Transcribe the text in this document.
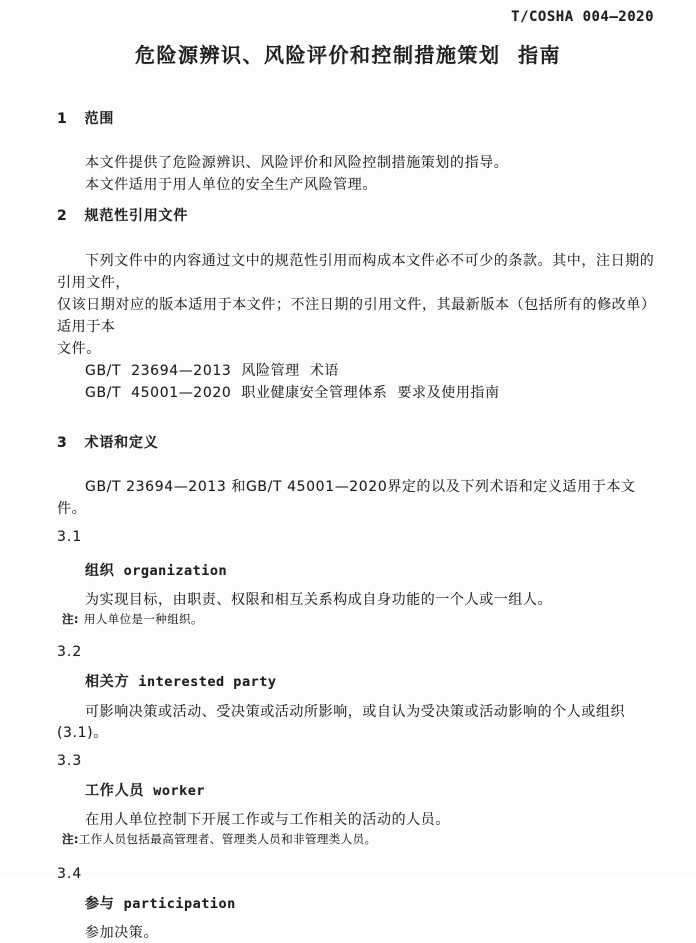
T/COSHA 004—2020
危险源辨识、风险评价和控制措施策划 指南
1 范围
本文件提供了危险源辨识、风险评价和风险控制措施策划的指导。
本文件适用于用人单位的安全生产风险管理。
2 规范性引用文件
下列文件中的内容通过文中的规范性引用而构成本文件必不可少的条款。其中，注日期的引用文件，
仅该日期对应的版本适用于本文件；不注日期的引用文件，其最新版本（包括所有的修改单）适用于本
文件。
GB/T 23694—2013 风险管理 术语
GB/T 45001—2020 职业健康安全管理体系 要求及使用指南
3 术语和定义
GB/T 23694—2013 和GB/T 45001—2020界定的以及下列术语和定义适用于本文件。
3.1
组织 organization
为实现目标，由职责、权限和相互关系构成自身功能的一个人或一组人。
注: 用人单位是一种组织。
3.2
相关方 interested party
可影响决策或活动、受决策或活动所影响，或自认为受决策或活动影响的个人或组织
(3.1)。
3.3
工作人员 worker
在用人单位控制下开展工作或与工作相关的活动的人员。
注:工作人员包括最高管理者、管理类人员和非管理类人员。
3.4
参与 participation
参加决策。
